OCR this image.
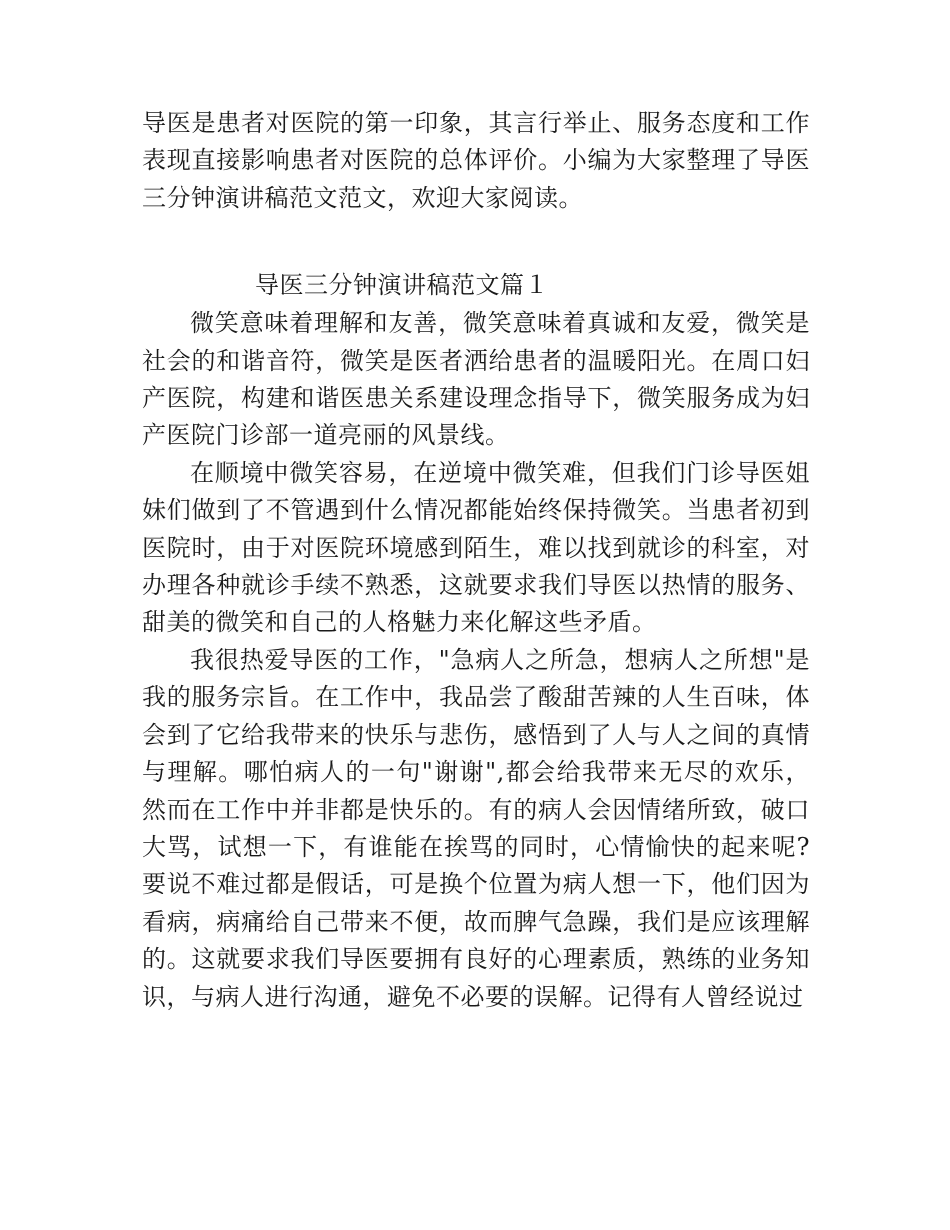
导医是患者对医院的第一印象，其言行举止、服务态度和工作表现直接影响患者对医院的总体评价。小编为大家整理了导医三分钟演讲稿范文范文，欢迎大家阅读。

导医三分钟演讲稿范文篇１

微笑意味着理解和友善，微笑意味着真诚和友爱，微笑是社会的和谐音符，微笑是医者洒给患者的温暖阳光。在周口妇产医院，构建和谐医患关系建设理念指导下，微笑服务成为妇产医院门诊部一道亮丽的风景线。

在顺境中微笑容易，在逆境中微笑难，但我们门诊导医姐妹们做到了不管遇到什么情况都能始终保持微笑。当患者初到医院时，由于对医院环境感到陌生，难以找到就诊的科室，对办理各种就诊手续不熟悉，这就要求我们导医以热情的服务、甜美的微笑和自己的人格魅力来化解这些矛盾。

我很热爱导医的工作，"急病人之所急，想病人之所想"是我的服务宗旨。在工作中，我品尝了酸甜苦辣的人生百味，体会到了它给我带来的快乐与悲伤，感悟到了人与人之间的真情与理解。哪怕病人的一句"谢谢",都会给我带来无尽的欢乐，然而在工作中并非都是快乐的。有的病人会因情绪所致，破口大骂，试想一下，有谁能在挨骂的同时，心情愉快的起来呢?要说不难过都是假话，可是换个位置为病人想一下，他们因为看病，病痛给自己带来不便，故而脾气急躁，我们是应该理解的。这就要求我们导医要拥有良好的心理素质，熟练的业务知识，与病人进行沟通，避免不必要的误解。记得有人曾经说过
